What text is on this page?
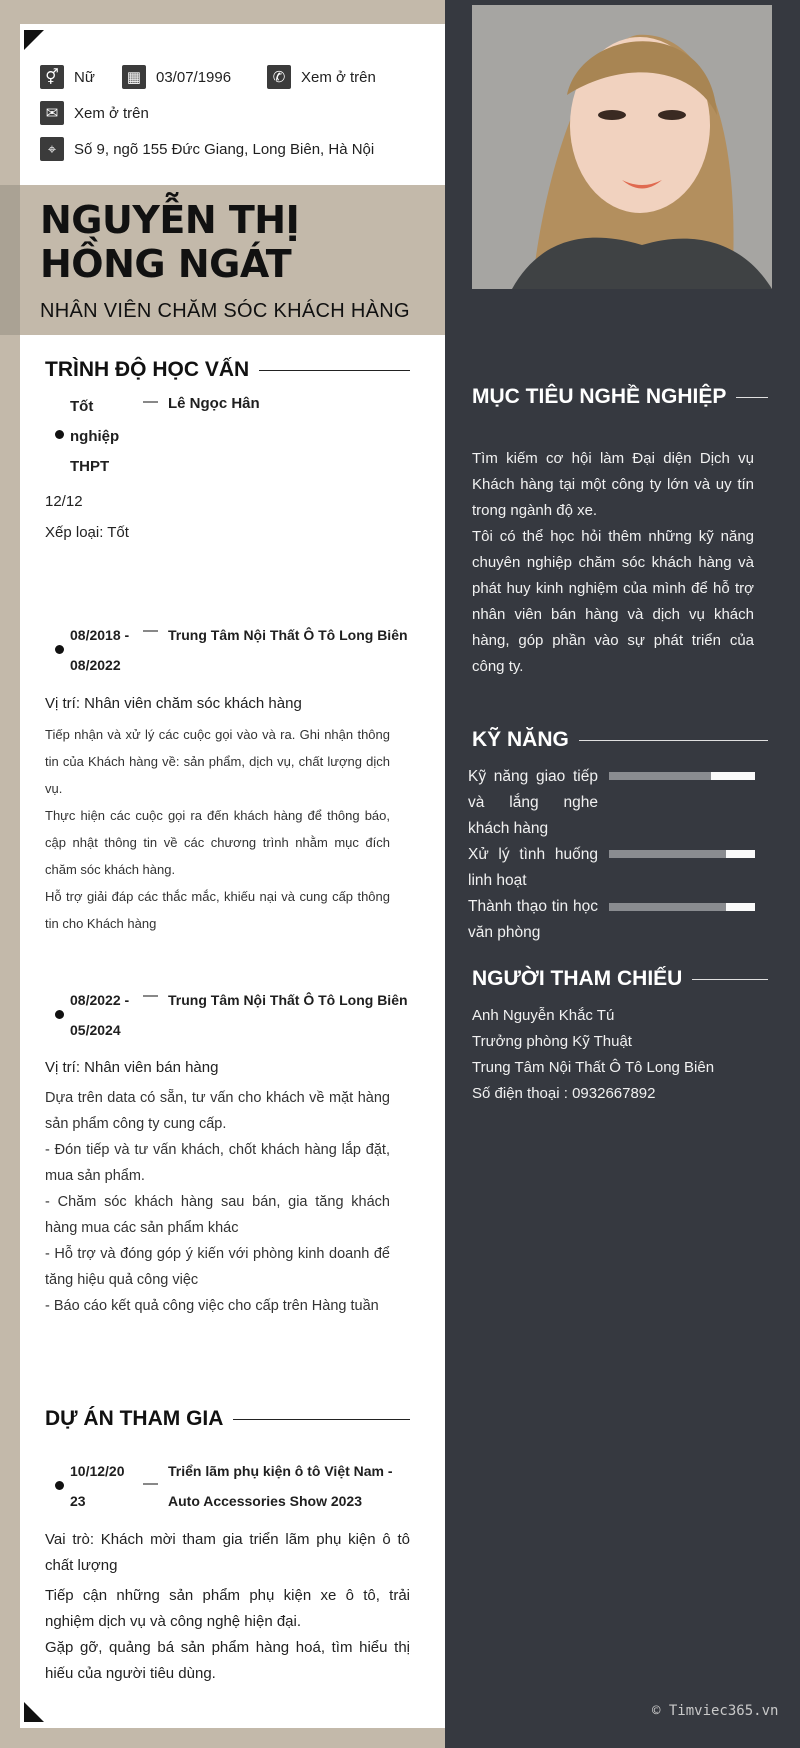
⚥	Nữ	▦ 03/07/1996	✆	Xem ở trên
✉	Xem ở trên
⌖	Số 9, ngõ 155 Đức Giang, Long Biên, Hà Nội
NGUYỄN THỊ HỒNG NGÁT
NHÂN VIÊN CHĂM SÓC KHÁCH HÀNG
TRÌNH ĐỘ HỌC VẤN
Tốt
nghiệp
THPT
— Lê Ngọc Hân
12/12
Xếp loại: Tốt
08/2018 -
08/2022
— Trung Tâm Nội Thất Ô Tô Long Biên
Vị trí: Nhân viên chăm sóc khách hàng
Tiếp nhận và xử lý các cuộc gọi vào và ra. Ghi nhận thông tin của Khách hàng về: sản phẩm, dịch vụ, chất lượng dịch vụ.
Thực hiện các cuộc gọi ra đến khách hàng để thông báo, cập nhật thông tin về các chương trình nhằm mục đích chăm sóc khách hàng.
Hỗ trợ giải đáp các thắc mắc, khiếu nại và cung cấp thông tin cho Khách hàng
08/2022 -
05/2024
— Trung Tâm Nội Thất Ô Tô Long Biên
Vị trí: Nhân viên bán hàng
Dựa trên data có sẵn, tư vấn cho khách về mặt hàng sản phẩm công ty cung cấp.
- Đón tiếp và tư vấn khách, chốt khách hàng lắp đặt, mua sản phẩm.
- Chăm sóc khách hàng sau bán, gia tăng khách hàng mua các sản phẩm khác
- Hỗ trợ và đóng góp ý kiến với phòng kinh doanh để tăng hiệu quả công việc
- Báo cáo kết quả công việc cho cấp trên Hàng tuần
DỰ ÁN THAM GIA
10/12/20
23
—
Triển lãm phụ kiện ô tô Việt Nam - Auto Accessories Show 2023
Vai trò: Khách mời tham gia triển lãm phụ kiện ô tô chất lượng
Tiếp cận những sản phẩm phụ kiện xe ô tô, trải nghiệm dịch vụ và công nghệ hiện đại.
Gặp gỡ, quảng bá sản phẩm hàng hoá, tìm hiểu thị hiếu của người tiêu dùng.
MỤC TIÊU NGHỀ NGHIỆP
Tìm kiếm cơ hội làm Đại diện Dịch vụ Khách hàng tại một công ty lớn và uy tín trong ngành độ xe.
Tôi có thể học hỏi thêm những kỹ năng chuyên nghiệp chăm sóc khách hàng và phát huy kinh nghiệm của mình để hỗ trợ nhân viên bán hàng và dịch vụ khách hàng, góp phần vào sự phát triển của công ty.
KỸ NĂNG
Kỹ năng giao tiếp và lắng nghe khách hàng
Xử lý tình huống linh hoạt
Thành thạo tin học văn phòng
NGƯỜI THAM CHIẾU
Anh Nguyễn Khắc Tú
Trưởng phòng Kỹ Thuật
Trung Tâm Nội Thất Ô Tô Long Biên
Số điện thoại : 0932667892
© Timviec365.vn
